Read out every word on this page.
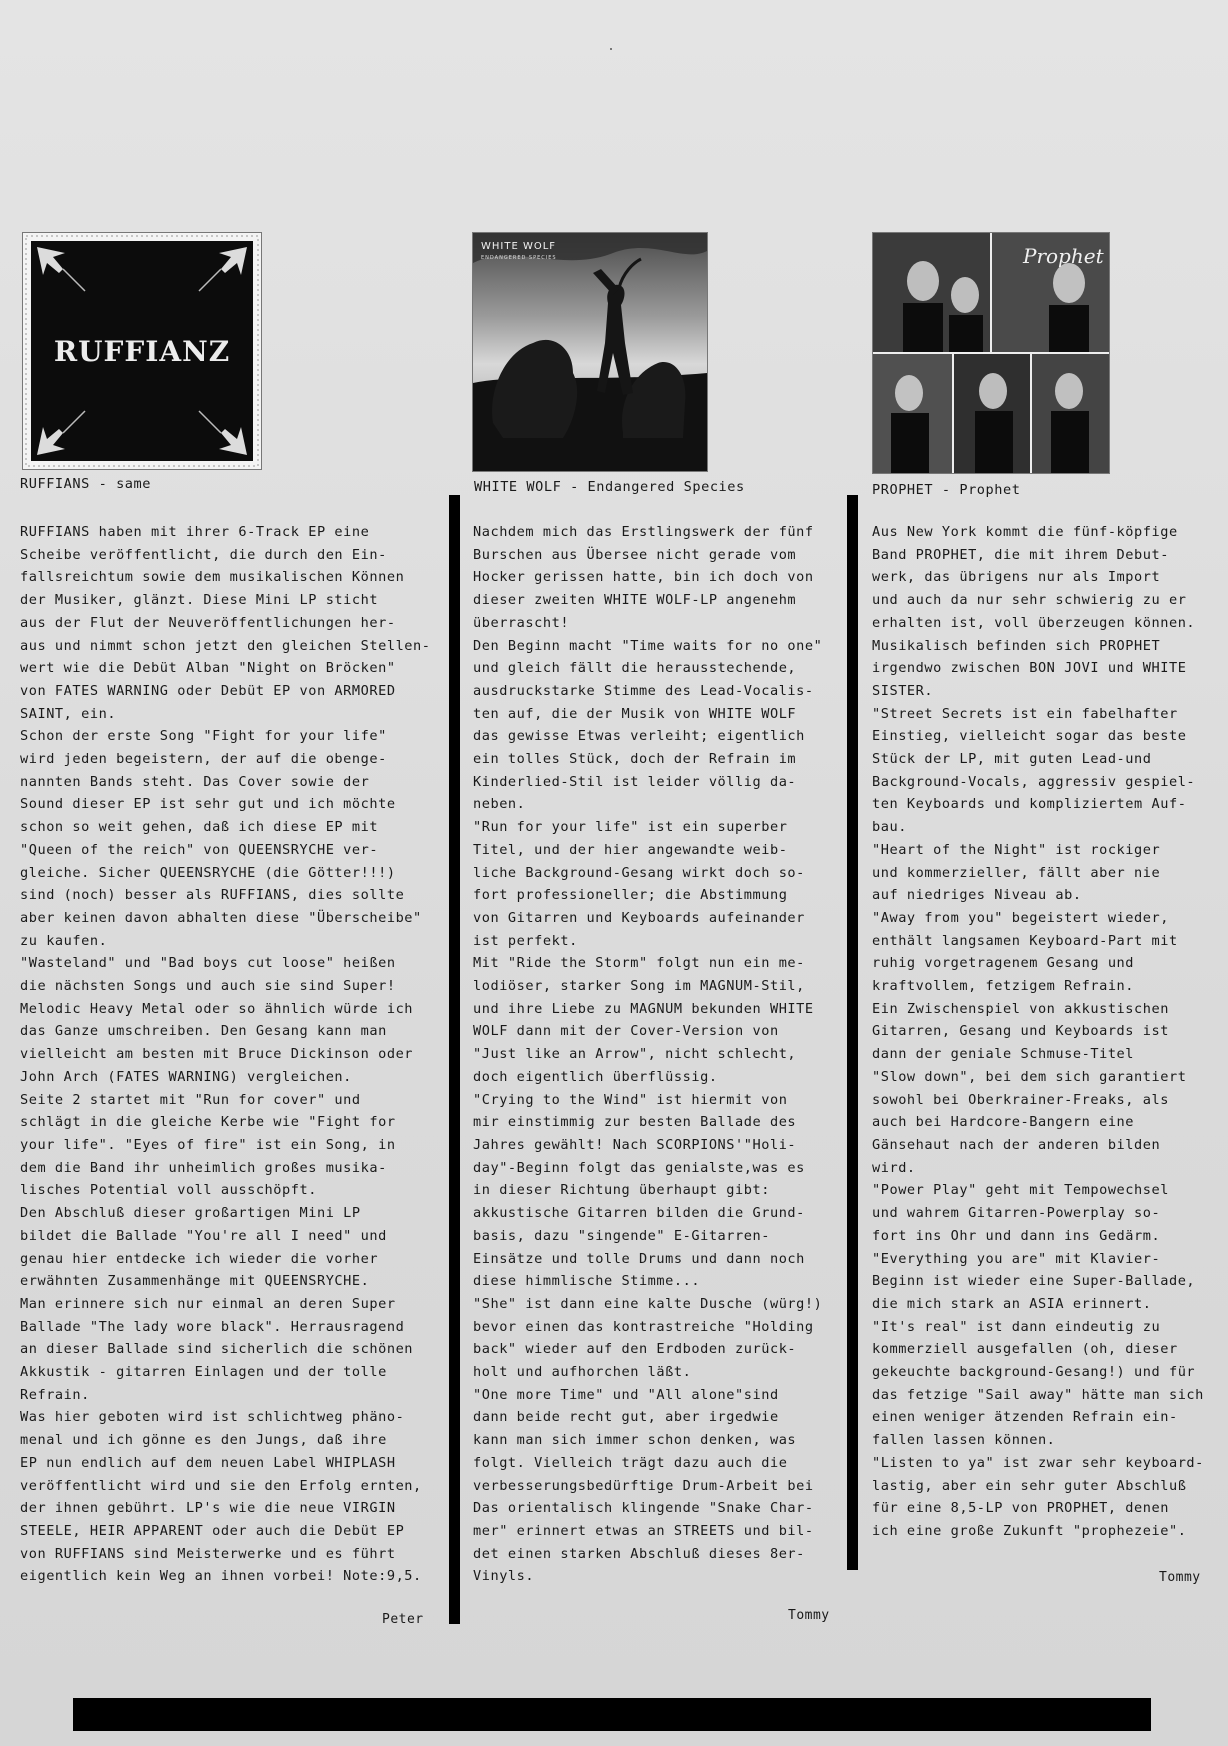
RUFFIANZ
WHITE WOLF
ENDANGERED SPECIES	Prophet
RUFFIANS - same	WHITE WOLF - Endangered Species	PROPHET - Prophet
RUFFIANS haben mit ihrer 6-Track EP eine
Scheibe veröffentlicht, die durch den Ein-
fallsreichtum sowie dem musikalischen Können
der Musiker, glänzt. Diese Mini LP sticht
aus der Flut der Neuveröffentlichungen her-
aus und nimmt schon jetzt den gleichen Stellen-
wert wie die Debüt Alban "Night on Bröcken"
von FATES WARNING oder Debüt EP von ARMORED
SAINT, ein.
Schon der erste Song "Fight for your life"
wird jeden begeistern, der auf die obenge-
nannten Bands steht. Das Cover sowie der
Sound dieser EP ist sehr gut und ich möchte
schon so weit gehen, daß ich diese EP mit
"Queen of the reich" von QUEENSRYCHE ver-
gleiche. Sicher QUEENSRYCHE (die Götter!!!)
sind (noch) besser als RUFFIANS, dies sollte
aber keinen davon abhalten diese "Überscheibe"
zu kaufen.
"Wasteland" und "Bad boys cut loose" heißen
die nächsten Songs und auch sie sind Super!
Melodic Heavy Metal oder so ähnlich würde ich
das Ganze umschreiben. Den Gesang kann man
vielleicht am besten mit Bruce Dickinson oder
John Arch (FATES WARNING) vergleichen.
Seite 2 startet mit "Run for cover" und
schlägt in die gleiche Kerbe wie "Fight for
your life". "Eyes of fire" ist ein Song, in
dem die Band ihr unheimlich großes musika-
lisches Potential voll ausschöpft.
Den Abschluß dieser großartigen Mini LP
bildet die Ballade "You're all I need" und
genau hier entdecke ich wieder die vorher
erwähnten Zusammenhänge mit QUEENSRYCHE.
Man erinnere sich nur einmal an deren Super
Ballade "The lady wore black". Herrausragend
an dieser Ballade sind sicherlich die schönen
Akkustik - gitarren Einlagen und der tolle
Refrain.
Was hier geboten wird ist schlichtweg phäno-
menal und ich gönne es den Jungs, daß ihre
EP nun endlich auf dem neuen Label WHIPLASH
veröffentlicht wird und sie den Erfolg ernten,
der ihnen gebührt. LP's wie die neue VIRGIN
STEELE, HEIR APPARENT oder auch die Debüt EP
von RUFFIANS sind Meisterwerke und es führt
eigentlich kein Weg an ihnen vorbei! Note:9,5.
Nachdem mich das Erstlingswerk der fünf
Burschen aus Übersee nicht gerade vom
Hocker gerissen hatte, bin ich doch von
dieser zweiten WHITE WOLF-LP angenehm
überrascht!
Den Beginn macht "Time waits for no one"
und gleich fällt die herausstechende,
ausdruckstarke Stimme des Lead-Vocalis-
ten auf, die der Musik von WHITE WOLF
das gewisse Etwas verleiht; eigentlich
ein tolles Stück, doch der Refrain im
Kinderlied-Stil ist leider völlig da-
neben.
"Run for your life" ist ein superber
Titel, und der hier angewandte weib-
liche Background-Gesang wirkt doch so-
fort professioneller; die Abstimmung
von Gitarren und Keyboards aufeinander
ist perfekt.
Mit "Ride the Storm" folgt nun ein me-
lodiöser, starker Song im MAGNUM-Stil,
und ihre Liebe zu MAGNUM bekunden WHITE
WOLF dann mit der Cover-Version von
"Just like an Arrow", nicht schlecht,
doch eigentlich überflüssig.
"Crying to the Wind" ist hiermit von
mir einstimmig zur besten Ballade des
Jahres gewählt! Nach SCORPIONS'"Holi-
day"-Beginn folgt das genialste,was es
in dieser Richtung überhaupt gibt:
akkustische Gitarren bilden die Grund-
basis, dazu "singende" E-Gitarren-
Einsätze und tolle Drums und dann noch
diese himmlische Stimme...
"She" ist dann eine kalte Dusche (würg!)
bevor einen das kontrastreiche "Holding
back" wieder auf den Erdboden zurück-
holt und aufhorchen läßt.
"One more Time" und "All alone"sind
dann beide recht gut, aber irgedwie
kann man sich immer schon denken, was
folgt. Vielleich trägt dazu auch die
verbesserungsbedürftige Drum-Arbeit bei
Das orientalisch klingende "Snake Char-
mer" erinnert etwas an STREETS und bil-
det einen starken Abschluß dieses 8er-
Vinyls.
Aus New York kommt die fünf-köpfige
Band PROPHET, die mit ihrem Debut-
werk, das übrigens nur als Import
und auch da nur sehr schwierig zu er
erhalten ist, voll überzeugen können.
Musikalisch befinden sich PROPHET
irgendwo zwischen BON JOVI und WHITE
SISTER.
"Street Secrets ist ein fabelhafter
Einstieg, vielleicht sogar das beste
Stück der LP, mit guten Lead-und
Background-Vocals, aggressiv gespiel-
ten Keyboards und kompliziertem Auf-
bau.
"Heart of the Night" ist rockiger
und kommerzieller, fällt aber nie
auf niedriges Niveau ab.
"Away from you" begeistert wieder,
enthält langsamen Keyboard-Part mit
ruhig vorgetragenem Gesang und
kraftvollem, fetzigem Refrain.
Ein Zwischenspiel von akkustischen
Gitarren, Gesang und Keyboards ist
dann der geniale Schmuse-Titel
"Slow down", bei dem sich garantiert
sowohl bei Oberkrainer-Freaks, als
auch bei Hardcore-Bangern eine
Gänsehaut nach der anderen bilden
wird.
"Power Play" geht mit Tempowechsel
und wahrem Gitarren-Powerplay so-
fort ins Ohr und dann ins Gedärm.
"Everything you are" mit Klavier-
Beginn ist wieder eine Super-Ballade,
die mich stark an ASIA erinnert.
"It's real" ist dann eindeutig zu
kommerziell ausgefallen (oh, dieser
gekeuchte background-Gesang!) und für
das fetzige "Sail away" hätte man sich
einen weniger ätzenden Refrain ein-
fallen lassen können.
"Listen to ya" ist zwar sehr keyboard-
lastig, aber ein sehr guter Abschluß
für eine 8,5-LP von PROPHET, denen
ich eine große Zukunft "prophezeie".
Peter	Tommy
Tommy
